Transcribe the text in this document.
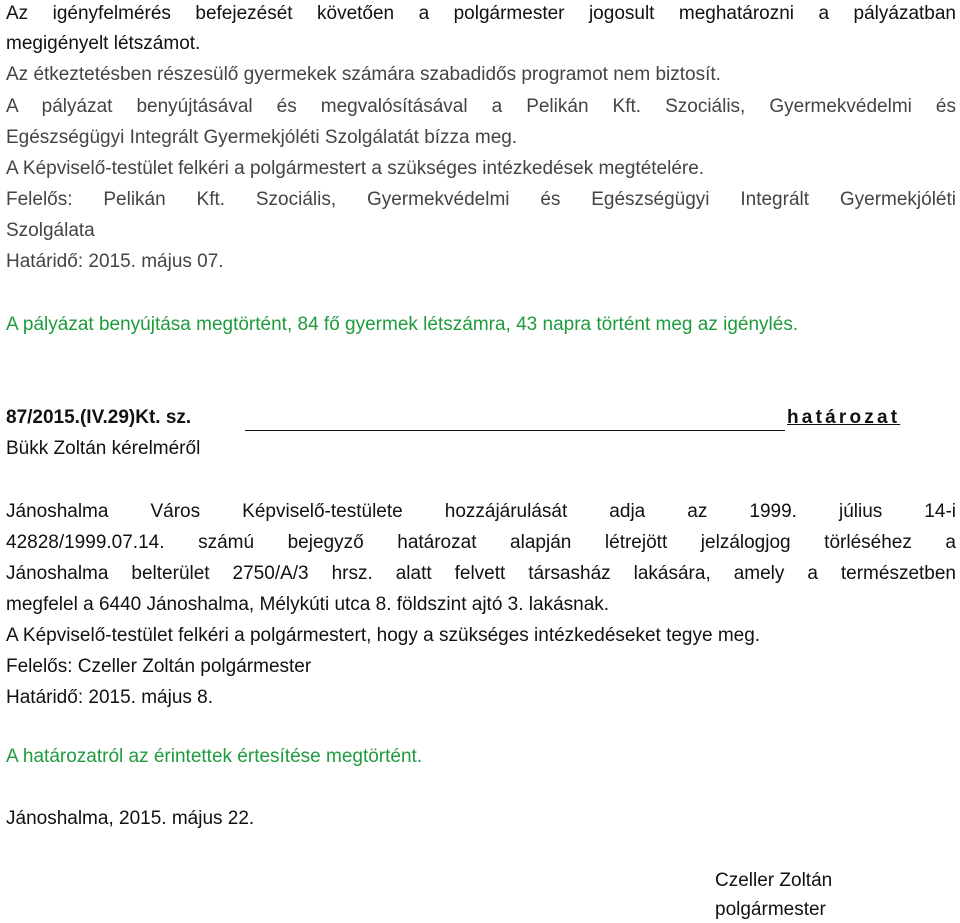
Az igényfelmérés befejezését követően a polgármester jogosult meghatározni a pályázatban
megigényelt létszámot.
Az étkeztetésben részesülő gyermekek számára szabadidős programot nem biztosít.
A pályázat benyújtásával és megvalósításával a Pelikán Kft. Szociális, Gyermekvédelmi és
Egészségügyi Integrált Gyermekjóléti Szolgálatát bízza meg.
A Képviselő-testület felkéri a polgármestert a szükséges intézkedések megtételére.
Felelős: Pelikán Kft. Szociális, Gyermekvédelmi és Egészségügyi Integrált Gyermekjóléti
Szolgálata
Határidő: 2015. május 07.
A pályázat benyújtása megtörtént, 84 fő gyermek létszámra, 43 napra történt meg az igénylés.
87/2015.(IV.29)Kt. sz.	határozat
Bükk Zoltán kérelméről
Jánoshalma Város Képviselő-testülete hozzájárulását adja az 1999. július 14-i
42828/1999.07.14. számú bejegyző határozat alapján létrejött jelzálogjog törléséhez a
Jánoshalma belterület 2750/A/3 hrsz. alatt felvett társasház lakására, amely a természetben
megfelel a 6440 Jánoshalma, Mélykúti utca 8. földszint ajtó 3. lakásnak.
A Képviselő-testület felkéri a polgármestert, hogy a szükséges intézkedéseket tegye meg.
Felelős: Czeller Zoltán polgármester
Határidő: 2015. május 8.
A határozatról az érintettek értesítése megtörtént.
Jánoshalma, 2015. május 22.
Czeller Zoltán
polgármester
